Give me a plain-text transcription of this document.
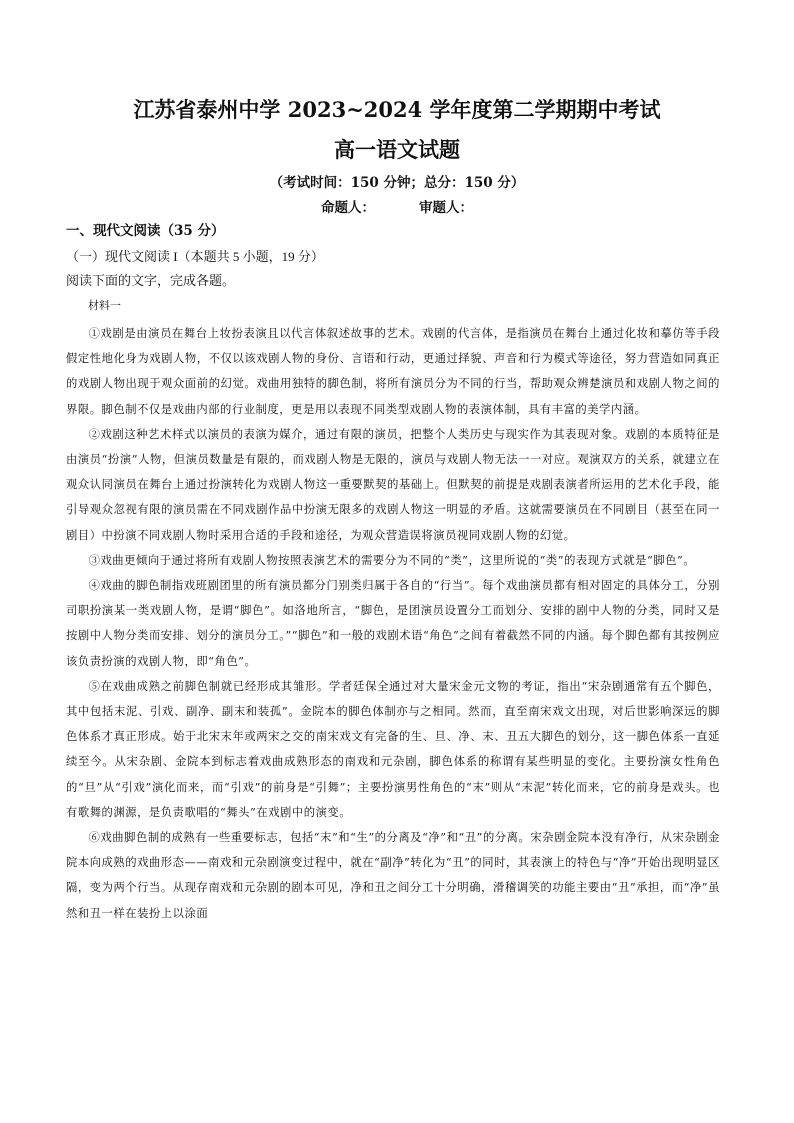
江苏省泰州中学 2023~2024 学年度第二学期期中考试
高一语文试题
（考试时间：150 分钟；总分：150 分）
命题人：	审题人：
一、现代文阅读（35 分）
（一）现代文阅读 I（本题共 5 小题，19 分）
阅读下面的文字，完成各题。
材料一

①戏剧是由演员在舞台上妆扮表演且以代言体叙述故事的艺术。戏剧的代言体，是指演员在舞台上通过化妆和摹仿等手段假定性地化身为戏剧人物，不仅以该戏剧人物的身份、言语和行动，更通过择貌、声音和行为模式等途径，努力营造如同真正的戏剧人物出现于观众面前的幻觉。戏曲用独特的脚色制，将所有演员分为不同的行当，帮助观众辨楚演员和戏剧人物之间的界限。脚色制不仅是戏曲内部的行业制度，更是用以表现不同类型戏剧人物的表演体制，具有丰富的美学内涵。

②戏剧这种艺术样式以演员的表演为媒介，通过有限的演员，把整个人类历史与现实作为其表现对象。戏剧的本质特征是由演员“扮演”人物，但演员数量是有限的，而戏剧人物是无限的，演员与戏剧人物无法一一对应。观演双方的关系，就建立在观众认同演员在舞台上通过扮演转化为戏剧人物这一重要默契的基础上。但默契的前提是戏剧表演者所运用的艺术化手段，能引导观众忽视有限的演员需在不同戏剧作品中扮演无限多的戏剧人物这一明显的矛盾。这就需要演员在不同剧目（甚至在同一剧目）中扮演不同戏剧人物时采用合适的手段和途径，为观众营造误将演员视同戏剧人物的幻觉。

③戏曲更倾向于通过将所有戏剧人物按照表演艺术的需要分为不同的“类”，这里所说的“类”的表现方式就是“脚色”。

④戏曲的脚色制指戏班剧团里的所有演员都分门别类归属于各自的“行当”。每个戏曲演员都有相对固定的具体分工，分别司职扮演某一类戏剧人物，是谓“脚色”。如洛地所言，“脚色，是团演员设置分工而划分、安排的剧中人物的分类，同时又是按剧中人物分类而安排、划分的演员分工。”“脚色”和一般的戏剧术语“角色”之间有着截然不同的内涵。每个脚色都有其按例应该负责扮演的戏剧人物，即“角色”。

⑤在戏曲成熟之前脚色制就已经形成其雏形。学者廷保全通过对大量宋金元文物的考证，指出“宋杂剧通常有五个脚色，其中包括末泥、引戏、副净、副末和装孤”。金院本的脚色体制亦与之相同。然而，直至南宋戏文出现，对后世影响深远的脚色体系才真正形成。始于北宋末年或两宋之交的南宋戏文有完备的生、旦、净、末、丑五大脚色的划分，这一脚色体系一直延续至今。从宋杂剧、金院本到标志着戏曲成熟形态的南戏和元杂剧，脚色体系的称谓有某些明显的变化。主要扮演女性角色的“旦”从“引戏”演化而来，而“引戏”的前身是“引舞”；主要扮演男性角色的“末”则从“末泥”转化而来，它的前身是戏头。也有歌舞的渊源，是负责歌唱的“舞头”在戏剧中的演变。

⑥戏曲脚色制的成熟有一些重要标志，包括“末”和“生”的分离及“净”和“丑”的分离。宋杂剧金院本没有净行，从宋杂剧金院本向成熟的戏曲形态——南戏和元杂剧演变过程中，就在“副净”转化为“丑”的同时，其表演上的特色与“净”开始出现明显区隔，变为两个行当。从现存南戏和元杂剧的剧本可见，净和丑之间分工十分明确，滑稽调笑的功能主要由“丑”承担，而“净”虽然和丑一样在装扮上以涂面
